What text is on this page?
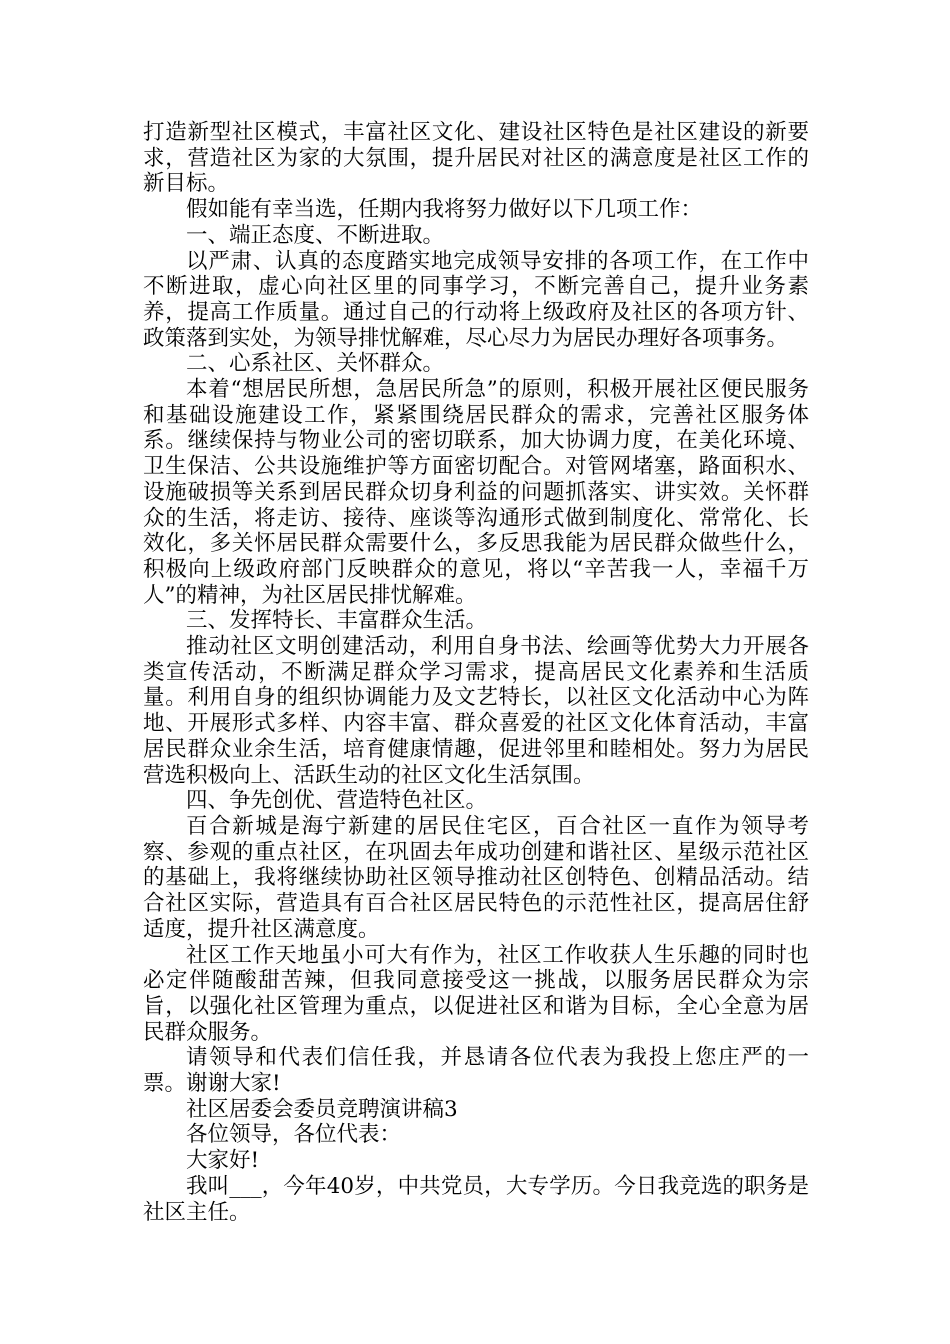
打造新型社区模式，丰富社区文化、建设社区特色是社区建设的新要求，营造社区为家的大氛围，提升居民对社区的满意度是社区工作的新目标。

假如能有幸当选，任期内我将努力做好以下几项工作：

一、端正态度、不断进取。

以严肃、认真的态度踏实地完成领导安排的各项工作，在工作中不断进取，虚心向社区里的同事学习，不断完善自己，提升业务素养，提高工作质量。通过自己的行动将上级政府及社区的各项方针、政策落到实处，为领导排忧解难，尽心尽力为居民办理好各项事务。

二、心系社区、关怀群众。

本着“想居民所想，急居民所急”的原则，积极开展社区便民服务和基础设施建设工作，紧紧围绕居民群众的需求，完善社区服务体系。继续保持与物业公司的密切联系，加大协调力度，在美化环境、卫生保洁、公共设施维护等方面密切配合。对管网堵塞，路面积水、设施破损等关系到居民群众切身利益的问题抓落实、讲实效。关怀群众的生活，将走访、接待、座谈等沟通形式做到制度化、常常化、长效化，多关怀居民群众需要什么，多反思我能为居民群众做些什么，积极向上级政府部门反映群众的意见，将以“辛苦我一人，幸福千万人”的精神，为社区居民排忧解难。

三、发挥特长、丰富群众生活。

推动社区文明创建活动，利用自身书法、绘画等优势大力开展各类宣传活动，不断满足群众学习需求，提高居民文化素养和生活质量。利用自身的组织协调能力及文艺特长，以社区文化活动中心为阵地、开展形式多样、内容丰富、群众喜爱的社区文化体育活动，丰富居民群众业余生活，培育健康情趣，促进邻里和睦相处。努力为居民营选积极向上、活跃生动的社区文化生活氛围。

四、争先创优、营造特色社区。

百合新城是海宁新建的居民住宅区，百合社区一直作为领导考察、参观的重点社区，在巩固去年成功创建和谐社区、星级示范社区的基础上，我将继续协助社区领导推动社区创特色、创精品活动。结合社区实际，营造具有百合社区居民特色的示范性社区，提高居住舒适度，提升社区满意度。

社区工作天地虽小可大有作为，社区工作收获人生乐趣的同时也必定伴随酸甜苦辣，但我同意接受这一挑战，以服务居民群众为宗旨，以强化社区管理为重点，以促进社区和谐为目标，全心全意为居民群众服务。

请领导和代表们信任我，并恳请各位代表为我投上您庄严的一票。谢谢大家!

社区居委会委员竞聘演讲稿3

各位领导，各位代表：

大家好!

我叫___，今年40岁，中共党员，大专学历。今日我竞选的职务是社区主任。
